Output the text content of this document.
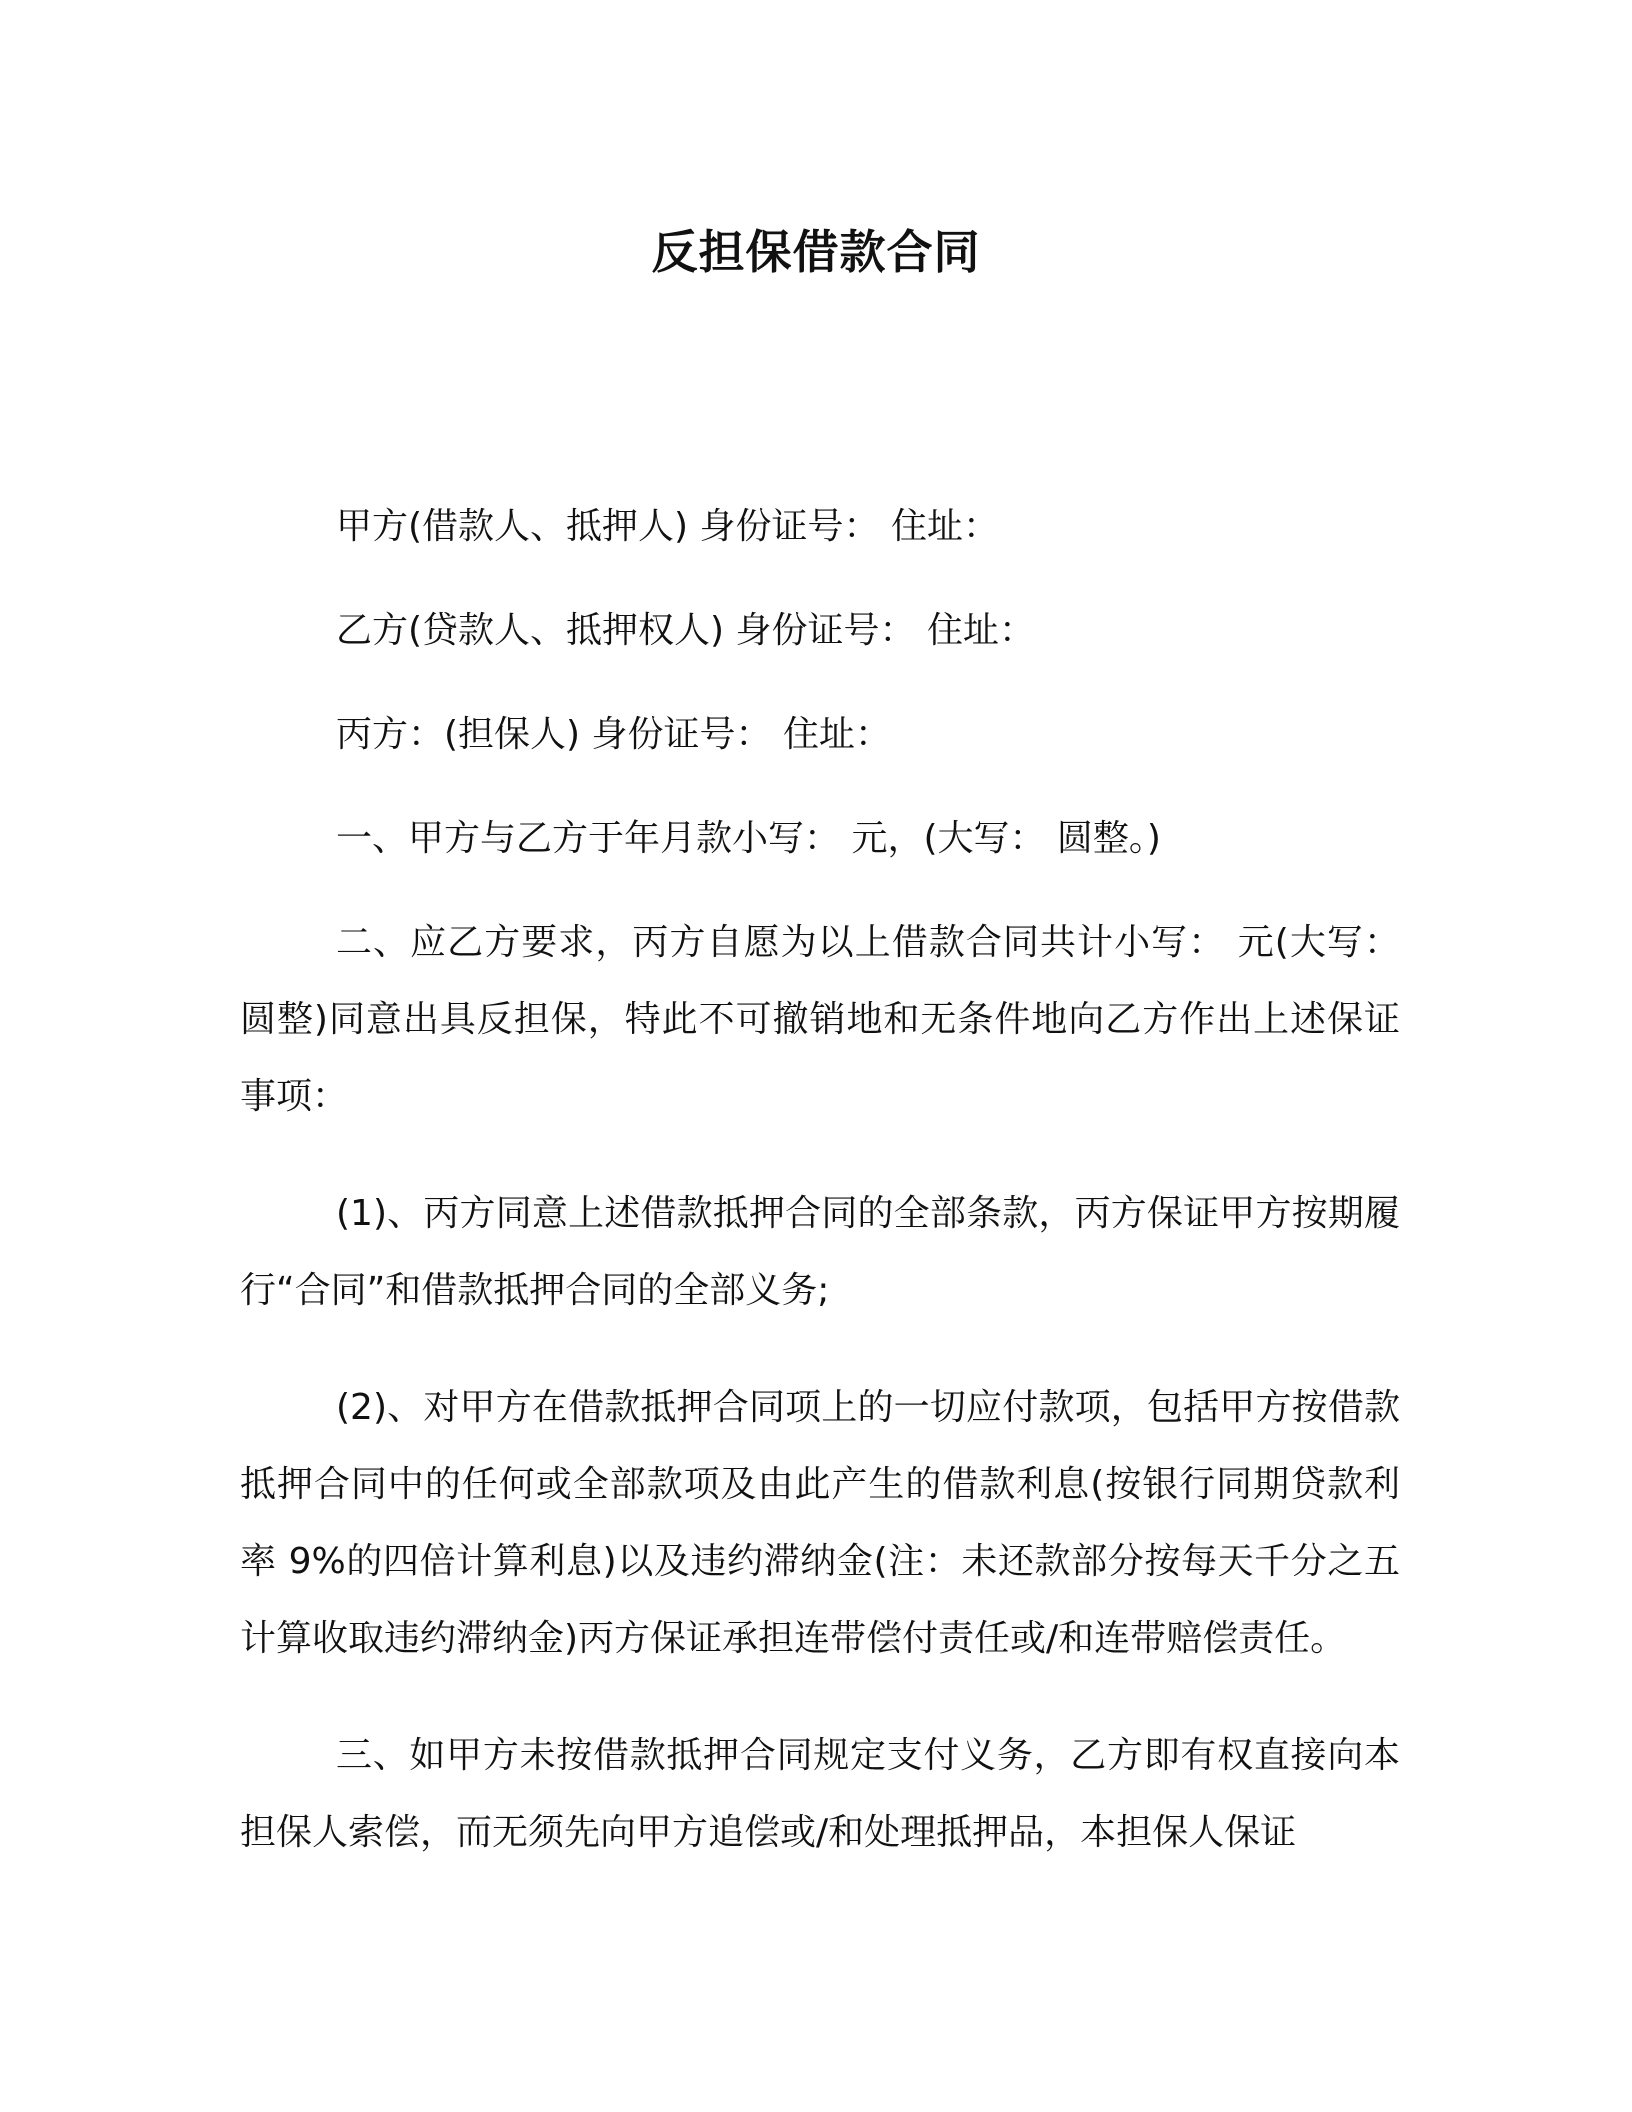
反担保借款合同

甲方(借款人、抵押人) 身份证号： 住址：

乙方(贷款人、抵押权人) 身份证号： 住址：

丙方：(担保人) 身份证号： 住址：

一、甲方与乙方于年月款小写： 元，(大写： 圆整。)

二、应乙方要求，丙方自愿为以上借款合同共计小写： 元(大写：圆整)同意出具反担保，特此不可撤销地和无条件地向乙方作出上述保证事项：

(1)、丙方同意上述借款抵押合同的全部条款，丙方保证甲方按期履行“合同”和借款抵押合同的全部义务;

(2)、对甲方在借款抵押合同项上的一切应付款项，包括甲方按借款抵押合同中的任何或全部款项及由此产生的借款利息(按银行同期贷款利率 9%的四倍计算利息)以及违约滞纳金(注：未还款部分按每天千分之五计算收取违约滞纳金)丙方保证承担连带偿付责任或/和连带赔偿责任。

三、如甲方未按借款抵押合同规定支付义务，乙方即有权直接向本担保人索偿，而无须先向甲方追偿或/和处理抵押品，本担保人保证
